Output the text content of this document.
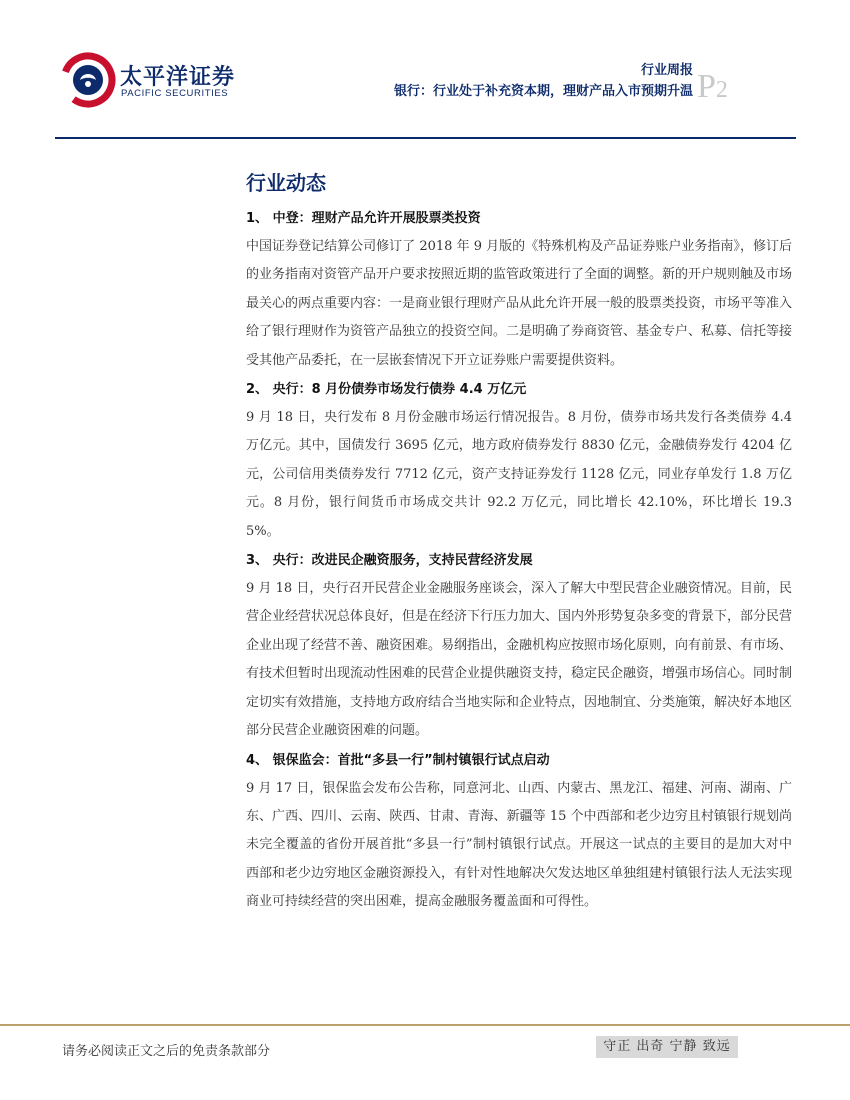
太平洋证券
PACIFIC SECURITIES
行业周报
银行：行业处于补充资本期，理财产品入市预期升温 P2
行业动态
1、 中登：理财产品允许开展股票类投资
中国证券登记结算公司修订了 2018 年 9 月版的《特殊机构及产品证券账户业务指南》，修订后的业务指南对资管产品开户要求按照近期的监管政策进行了全面的调整。新的开户规则触及市场最关心的两点重要内容：一是商业银行理财产品从此允许开展一般的股票类投资，市场平等准入给了银行理财作为资管产品独立的投资空间。二是明确了券商资管、基金专户、私募、信托等接受其他产品委托，在一层嵌套情况下开立证券账户需要提供资料。
2、 央行：8 月份债券市场发行债券 4.4 万亿元
9 月 18 日，央行发布 8 月份金融市场运行情况报告。8 月份，债券市场共发行各类债券 4.4 万亿元。其中，国债发行 3695 亿元，地方政府债券发行 8830 亿元，金融债券发行 4204 亿元，公司信用类债券发行 7712 亿元，资产支持证券发行 1128 亿元，同业存单发行 1.8 万亿元。8 月份，银行间货币市场成交共计 92.2 万亿元，同比增长 42.10%，环比增长 19.35%。
3、 央行：改进民企融资服务，支持民营经济发展
9 月 18 日，央行召开民营企业金融服务座谈会，深入了解大中型民营企业融资情况。目前，民营企业经营状况总体良好，但是在经济下行压力加大、国内外形势复杂多变的背景下，部分民营企业出现了经营不善、融资困难。易纲指出，金融机构应按照市场化原则，向有前景、有市场、有技术但暂时出现流动性困难的民营企业提供融资支持，稳定民企融资，增强市场信心。同时制定切实有效措施，支持地方政府结合当地实际和企业特点，因地制宜、分类施策，解决好本地区部分民营企业融资困难的问题。
4、 银保监会：首批“多县一行”制村镇银行试点启动
9 月 17 日，银保监会发布公告称，同意河北、山西、内蒙古、黑龙江、福建、河南、湖南、广东、广西、四川、云南、陕西、甘肃、青海、新疆等 15 个中西部和老少边穷且村镇银行规划尚未完全覆盖的省份开展首批“多县一行”制村镇银行试点。开展这一试点的主要目的是加大对中西部和老少边穷地区金融资源投入，有针对性地解决欠发达地区单独组建村镇银行法人无法实现商业可持续经营的突出困难，提高金融服务覆盖面和可得性。
请务必阅读正文之后的免责条款部分	守正 出奇 宁静 致远
